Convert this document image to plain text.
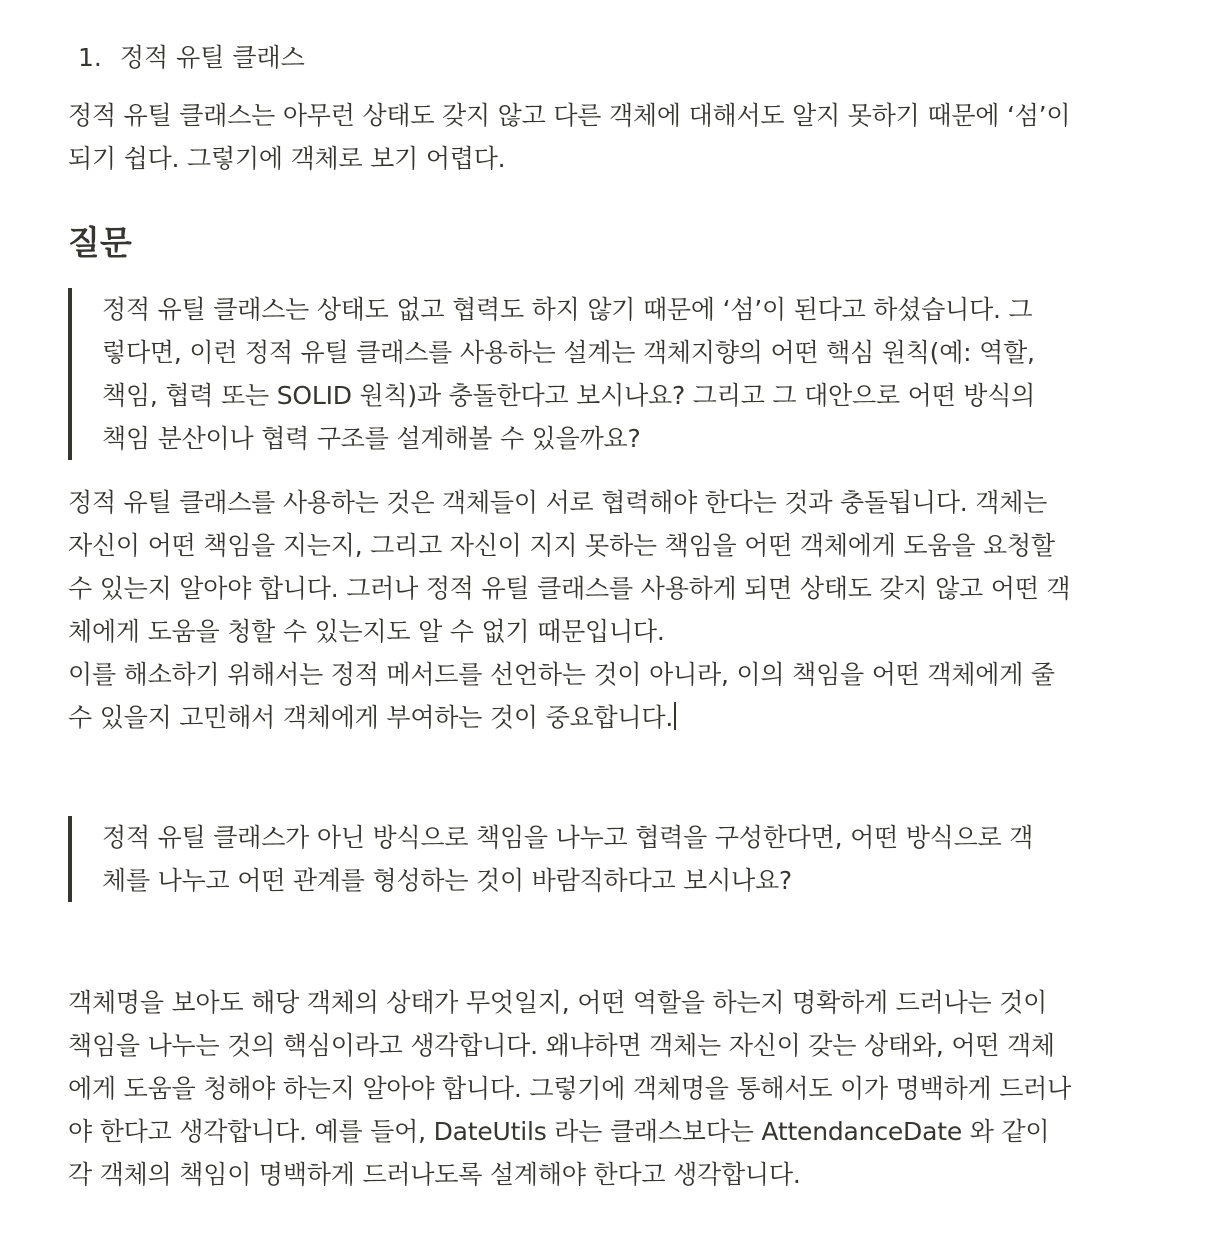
1. 정적 유틸 클래스
정적 유틸 클래스는 아무런 상태도 갖지 않고 다른 객체에 대해서도 알지 못하기 때문에 ‘섬’이
되기 쉽다. 그렇기에 객체로 보기 어렵다.
질문
정적 유틸 클래스는 상태도 없고 협력도 하지 않기 때문에 ‘섬’이 된다고 하셨습니다. 그
렇다면, 이런 정적 유틸 클래스를 사용하는 설계는 객체지향의 어떤 핵심 원칙(예: 역할,
책임, 협력 또는 SOLID 원칙)과 충돌한다고 보시나요? 그리고 그 대안으로 어떤 방식의
책임 분산이나 협력 구조를 설계해볼 수 있을까요?
정적 유틸 클래스를 사용하는 것은 객체들이 서로 협력해야 한다는 것과 충돌됩니다. 객체는
자신이 어떤 책임을 지는지, 그리고 자신이 지지 못하는 책임을 어떤 객체에게 도움을 요청할
수 있는지 알아야 합니다. 그러나 정적 유틸 클래스를 사용하게 되면 상태도 갖지 않고 어떤 객
체에게 도움을 청할 수 있는지도 알 수 없기 때문입니다.
이를 해소하기 위해서는 정적 메서드를 선언하는 것이 아니라, 이의 책임을 어떤 객체에게 줄
수 있을지 고민해서 객체에게 부여하는 것이 중요합니다.
정적 유틸 클래스가 아닌 방식으로 책임을 나누고 협력을 구성한다면, 어떤 방식으로 객
체를 나누고 어떤 관계를 형성하는 것이 바람직하다고 보시나요?
객체명을 보아도 해당 객체의 상태가 무엇일지, 어떤 역할을 하는지 명확하게 드러나는 것이
책임을 나누는 것의 핵심이라고 생각합니다. 왜냐하면 객체는 자신이 갖는 상태와, 어떤 객체
에게 도움을 청해야 하는지 알아야 합니다. 그렇기에 객체명을 통해서도 이가 명백하게 드러나
야 한다고 생각합니다. 예를 들어, DateUtils 라는 클래스보다는 AttendanceDate 와 같이
각 객체의 책임이 명백하게 드러나도록 설계해야 한다고 생각합니다.
